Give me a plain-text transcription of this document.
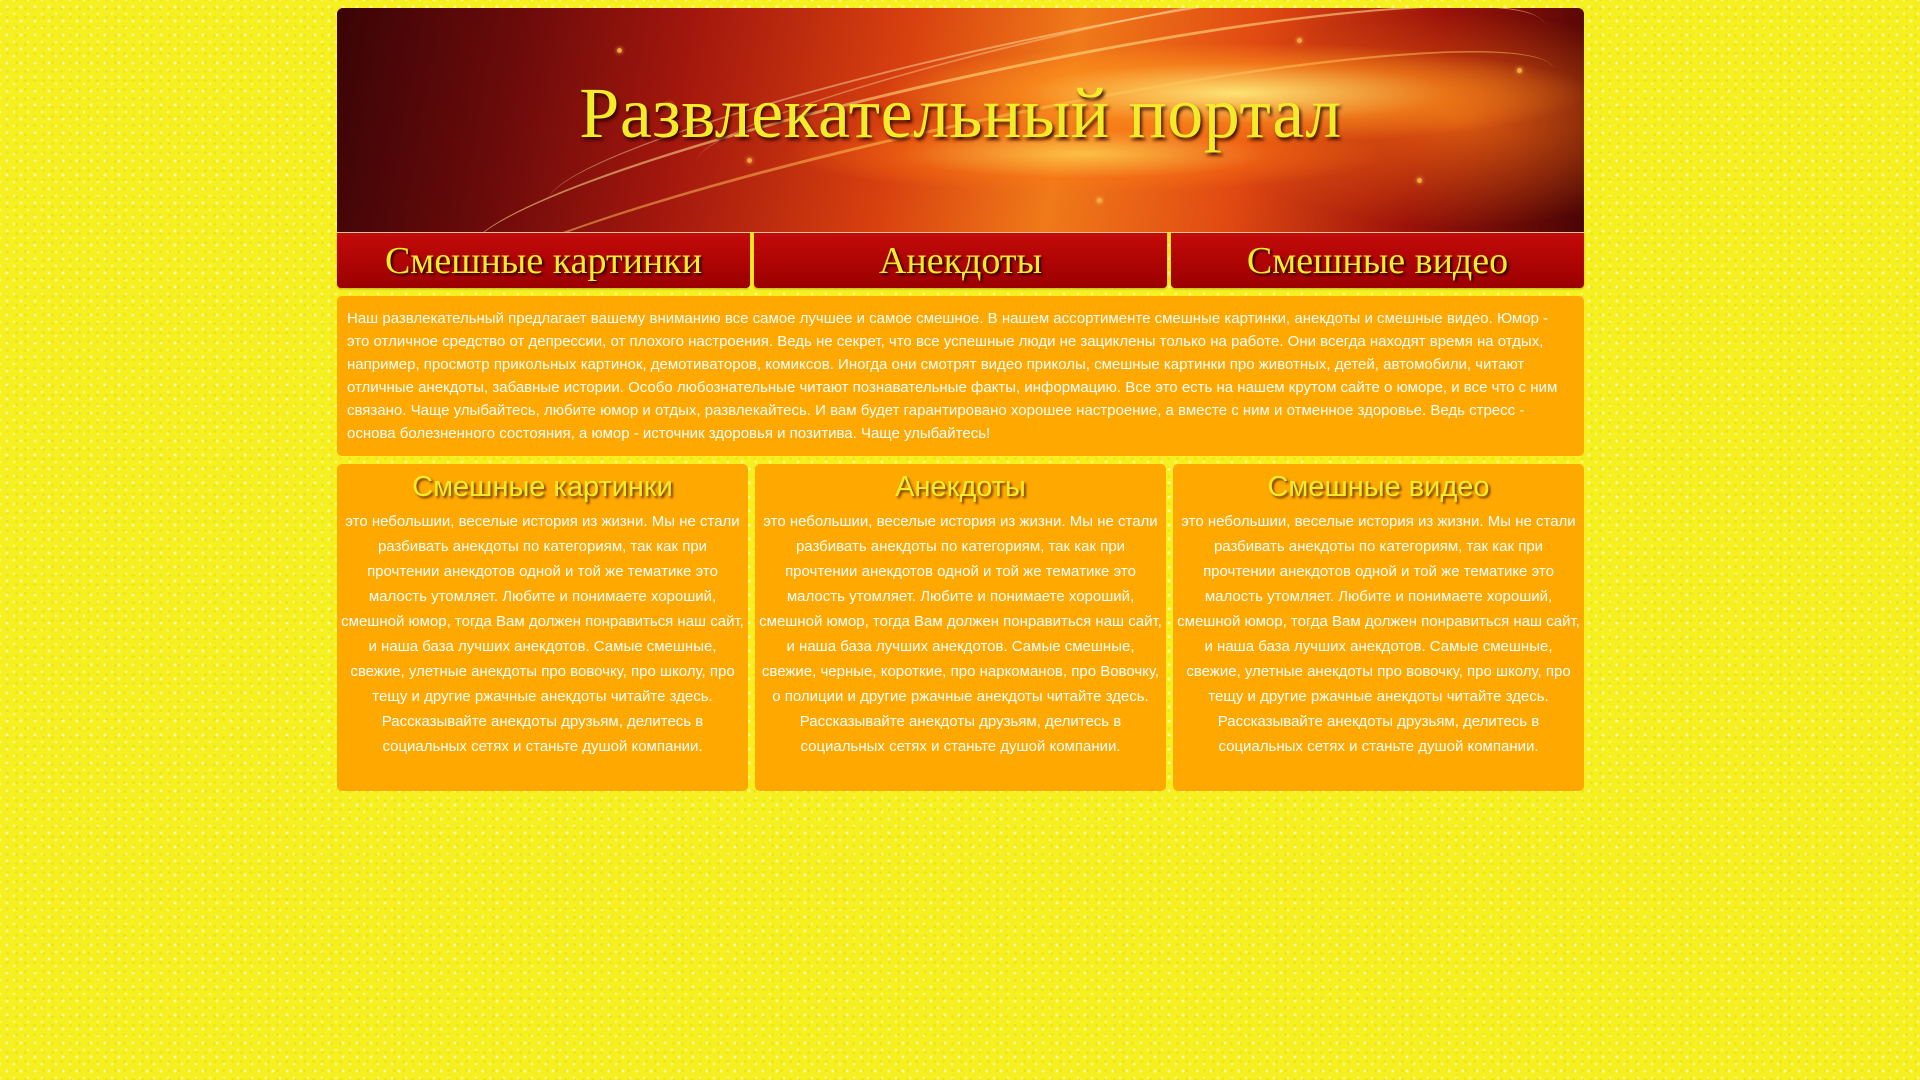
Развлекательный портал
Смешные картинки	Анекдоты	Смешные видео
Наш развлекательный предлагает вашему вниманию все самое лучшее и самое смешное. В нашем ассортименте смешные картинки, анекдоты и смешные видео. Юмор - это отличное средство от депрессии, от плохого настроения. Ведь не секрет, что все успешные люди не зациклены только на работе. Они всегда находят время на отдых, например, просмотр прикольных картинок, демотиваторов, комиксов. Иногда они смотрят видео приколы, смешные картинки про животных, детей, автомобили, читают отличные анекдоты, забавные истории. Особо любознательные читают познавательные факты, информацию. Все это есть на нашем крутом сайте о юморе, и все что с ним связано. Чаще улыбайтесь, любите юмор и отдых, развлекайтесь. И вам будет гарантировано хорошее настроение, а вместе с ним и отменное здоровье. Ведь стресс - основа болезненного состояния, а юмор - источник здоровья и позитива. Чаще улыбайтесь!
Смешные картинки

это небольшии, веселые история из жизни. Мы не стали разбивать анекдоты по категориям, так как при прочтении анекдотов одной и той же тематике это малость утомляет. Любите и понимаете хороший, смешной юмор, тогда Вам должен понравиться наш сайт, и наша база лучших анекдотов. Самые смешные, свежие, улетные анекдоты про вовочку, про школу, про тещу и другие ржачные анекдоты читайте здесь. Рассказывайте анекдоты друзьям, делитесь в социальных сетях и станьте душой компании.

Анекдоты

это небольшии, веселые история из жизни. Мы не стали разбивать анекдоты по категориям, так как при прочтении анекдотов одной и той же тематике это малость утомляет. Любите и понимаете хороший, смешной юмор, тогда Вам должен понравиться наш сайт, и наша база лучших анекдотов. Самые смешные, свежие, черные, короткие, про наркоманов, про Вовочку, о полиции и другие ржачные анекдоты читайте здесь. Рассказывайте анекдоты друзьям, делитесь в социальных сетях и станьте душой компании.

Смешные видео

это небольшии, веселые история из жизни. Мы не стали разбивать анекдоты по категориям, так как при прочтении анекдотов одной и той же тематике это малость утомляет. Любите и понимаете хороший, смешной юмор, тогда Вам должен понравиться наш сайт, и наша база лучших анекдотов. Самые смешные, свежие, улетные анекдоты про вовочку, про школу, про тещу и другие ржачные анекдоты читайте здесь. Рассказывайте анекдоты друзьям, делитесь в социальных сетях и станьте душой компании.
